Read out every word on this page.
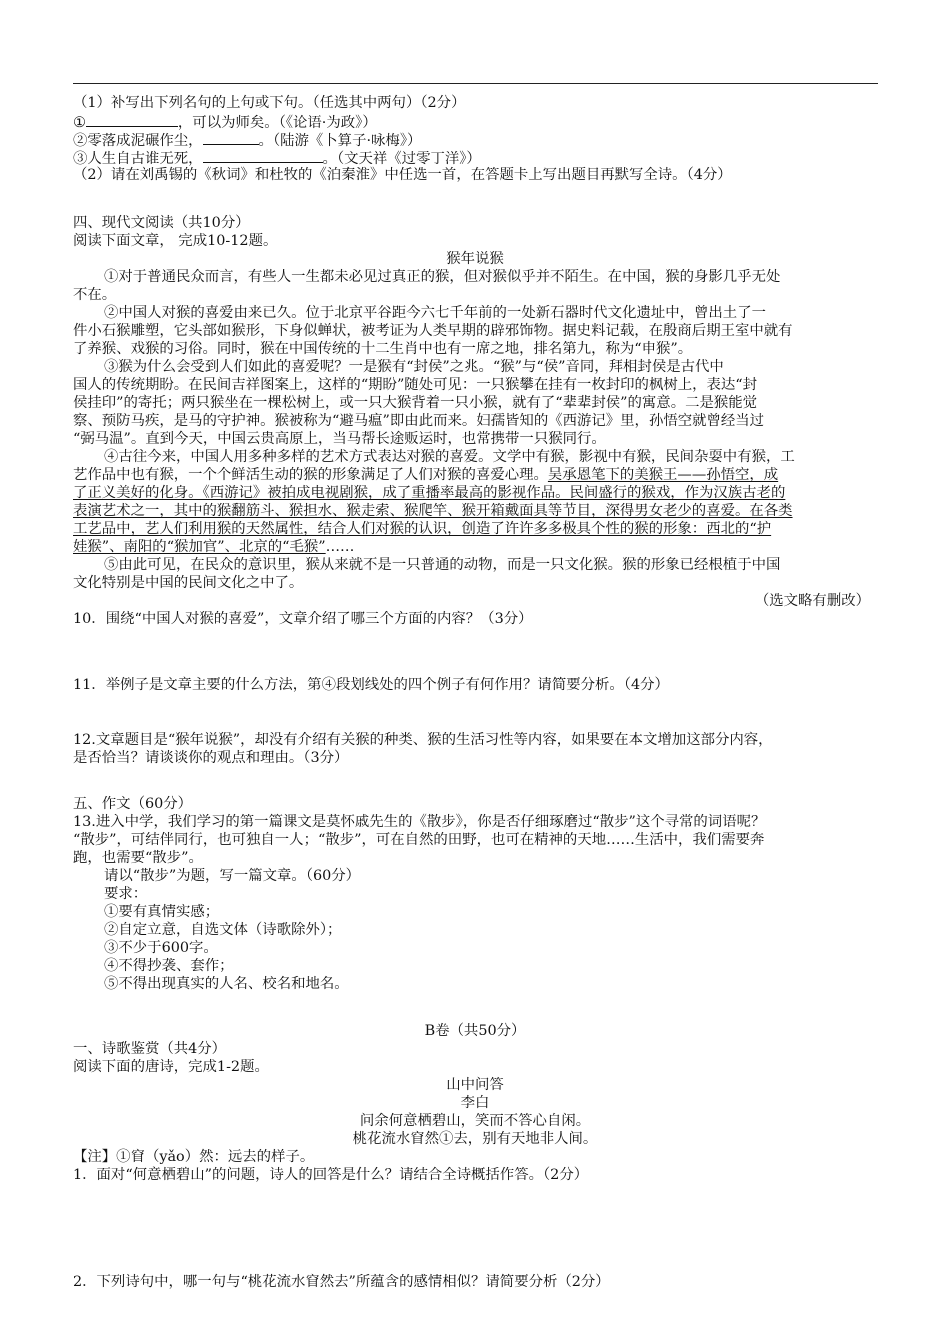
（1）补写出下列名句的上句或下句。（任选其中两句）（2分）
①	，可以为师矣。（《论语·为政》）
②零落成泥碾作尘，	。（陆游《卜算子·咏梅》）
③人生自古谁无死，	。（文天祥《过零丁洋》）
（2）请在刘禹锡的《秋词》和杜牧的《泊秦淮》中任选一首，在答题卡上写出题目再默写全诗。（4分）
四、现代文阅读（共10分）
阅读下面文章， 完成10-12题。
猴年说猴
①对于普通民众而言，有些人一生都未必见过真正的猴，但对猴似乎并不陌生。在中国，猴的身影几乎无处
不在。
②中国人对猴的喜爱由来已久。位于北京平谷距今六七千年前的一处新石器时代文化遗址中，曾出土了一
件小石猴雕塑，它头部如猴形，下身似蝉状，被考证为人类早期的辟邪饰物。据史料记载，在殷商后期王室中就有
了养猴、戏猴的习俗。同时，猴在中国传统的十二生肖中也有一席之地，排名第九，称为“申猴”。
③猴为什么会受到人们如此的喜爱呢？一是猴有“封侯”之兆。“猴”与“侯”音同，拜相封侯是古代中
国人的传统期盼。在民间吉祥图案上，这样的“期盼”随处可见：一只猴攀在挂有一枚封印的枫树上，表达“封
侯挂印”的寄托；两只猴坐在一棵松树上，或一只大猴背着一只小猴，就有了“辈辈封侯”的寓意。二是猴能觉
察、预防马疾，是马的守护神。猴被称为“避马瘟”即由此而来。妇孺皆知的《西游记》里，孙悟空就曾经当过
“弼马温”。直到今天，中国云贵高原上，当马帮长途贩运时，也常携带一只猴同行。
④古往今来，中国人用多种多样的艺术方式表达对猴的喜爱。文学中有猴，影视中有猴，民间杂耍中有猴，工
艺作品中也有猴，一个个鲜活生动的猴的形象满足了人们对猴的喜爱心理。吴承恩笔下的美猴王——孙悟空，成
了正义美好的化身。《西游记》被拍成电视剧猴，成了重播率最高的影视作品。民间盛行的猴戏，作为汉族古老的
表演艺术之一，其中的猴翻筋斗、猴担水、猴走索、猴爬竿、猴开箱戴面具等节目，深得男女老少的喜爱。在各类
工艺品中，艺人们利用猴的天然属性，结合人们对猴的认识，创造了许许多多极具个性的猴的形象：西北的“护
娃猴”、南阳的“猴加官”、北京的“毛猴”……
⑤由此可见，在民众的意识里，猴从来就不是一只普通的动物，而是一只文化猴。猴的形象已经根植于中国
文化特别是中国的民间文化之中了。
（选文略有删改）
10．围绕“中国人对猴的喜爱”，文章介绍了哪三个方面的内容？（3分）
11．举例子是文章主要的什么方法，第④段划线处的四个例子有何作用？请简要分析。（4分）
12.文章题目是“猴年说猴”，却没有介绍有关猴的种类、猴的生活习性等内容，如果要在本文增加这部分内容，
是否恰当？请谈谈你的观点和理由。（3分）
五、作文（60分）
13.进入中学，我们学习的第一篇课文是莫怀戚先生的《散步》，你是否仔细琢磨过“散步”这个寻常的词语呢？
“散步”，可结伴同行，也可独自一人；“散步”，可在自然的田野，也可在精神的天地……生活中，我们需要奔
跑，也需要“散步”。
请以“散步”为题，写一篇文章。（60分）
要求：
①要有真情实感；
②自定立意，自选文体（诗歌除外）；
③不少于600字。
④不得抄袭、套作；
⑤不得出现真实的人名、校名和地名。
B卷（共50分）
一、诗歌鉴赏（共4分）
阅读下面的唐诗，完成1-2题。
山中问答
李白
问余何意栖碧山，笑而不答心自闲。
桃花流水窅然①去，别有天地非人间。
【注】①窅（yǎo）然：远去的样子。
1．面对“何意栖碧山”的问题，诗人的回答是什么？请结合全诗概括作答。（2分）
2．下列诗句中，哪一句与“桃花流水窅然去”所蕴含的感情相似？请简要分析（2分）
